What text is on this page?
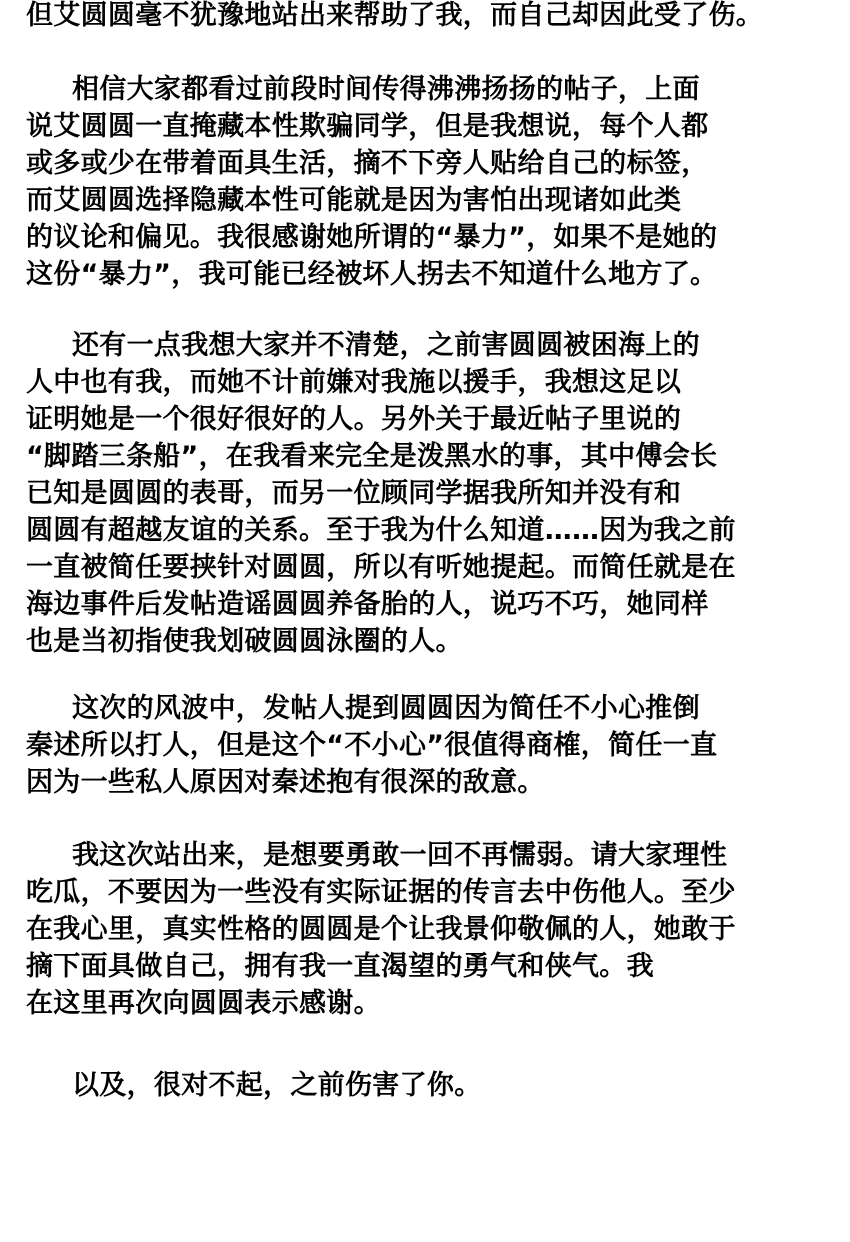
但艾圆圆毫不犹豫地站出来帮助了我，而自己却因此受了伤。

相信大家都看过前段时间传得沸沸扬扬的帖子，上面

说艾圆圆一直掩藏本性欺骗同学，但是我想说，每个人都

或多或少在带着面具生活，摘不下旁人贴给自己的标签，

而艾圆圆选择隐藏本性可能就是因为害怕出现诸如此类

的议论和偏见。我很感谢她所谓的“暴力”，如果不是她的

这份“暴力”，我可能已经被坏人拐去不知道什么地方了。

还有一点我想大家并不清楚，之前害圆圆被困海上的

人中也有我，而她不计前嫌对我施以援手，我想这足以

证明她是一个很好很好的人。另外关于最近帖子里说的

“脚踏三条船”，在我看来完全是泼黑水的事，其中傅会长

已知是圆圆的表哥，而另一位顾同学据我所知并没有和

圆圆有超越友谊的关系。至于我为什么知道……因为我之前

一直被简任要挟针对圆圆，所以有听她提起。而简任就是在

海边事件后发帖造谣圆圆养备胎的人，说巧不巧，她同样

也是当初指使我划破圆圆泳圈的人。

这次的风波中，发帖人提到圆圆因为简任不小心推倒

秦述所以打人，但是这个“不小心”很值得商榷，简任一直

因为一些私人原因对秦述抱有很深的敌意。

我这次站出来，是想要勇敢一回不再懦弱。请大家理性

吃瓜，不要因为一些没有实际证据的传言去中伤他人。至少

在我心里，真实性格的圆圆是个让我景仰敬佩的人，她敢于

摘下面具做自己，拥有我一直渴望的勇气和侠气。我

在这里再次向圆圆表示感谢。

以及，很对不起，之前伤害了你。
